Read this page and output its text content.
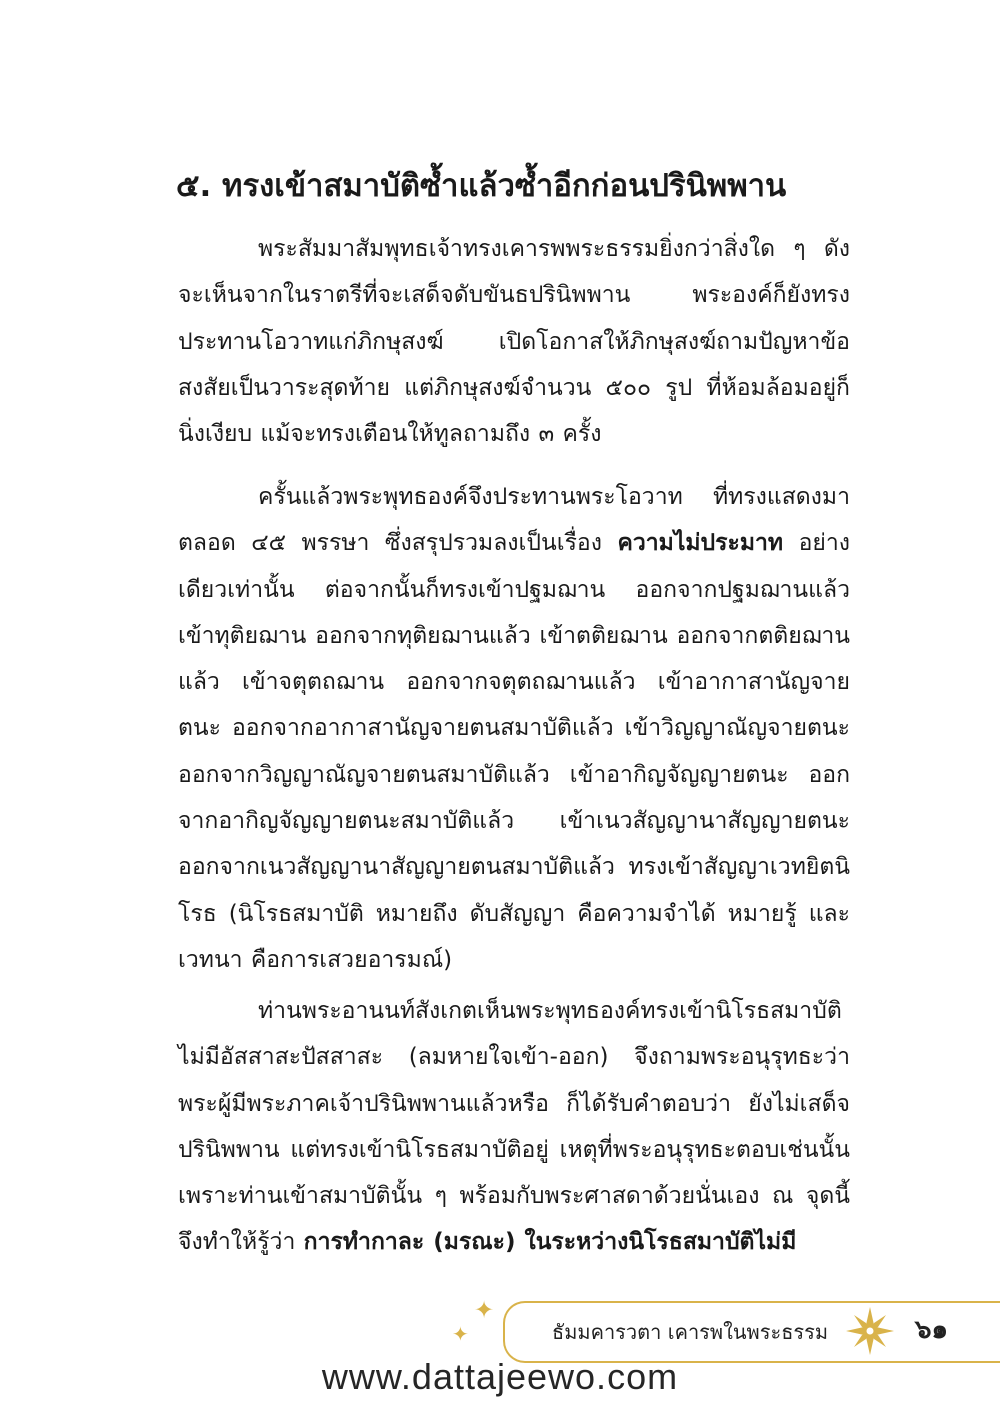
๕. ทรงเข้าสมาบัติซ้ำแล้วซ้ำอีกก่อนปรินิพพาน

พระสัมมาสัมพุทธเจ้าทรงเคารพพระธรรมยิ่งกว่าสิ่งใด ๆ ดังจะเห็นจากในราตรีที่จะเสด็จดับขันธปรินิพพาน พระองค์ก็ยังทรงประทานโอวาทแก่ภิกษุสงฆ์ เปิดโอกาสให้ภิกษุสงฆ์ถามปัญหาข้อสงสัยเป็นวาระสุดท้าย แต่ภิกษุสงฆ์จำนวน ๕๐๐ รูป ที่ห้อมล้อมอยู่ก็นิ่งเงียบ แม้จะทรงเตือนให้ทูลถามถึง ๓ ครั้ง

ครั้นแล้วพระพุทธองค์จึงประทานพระโอวาท ที่ทรงแสดงมาตลอด ๔๕ พรรษา ซึ่งสรุปรวมลงเป็นเรื่อง ความไม่ประมาท อย่างเดียวเท่านั้น ต่อจากนั้นก็ทรงเข้าปฐมฌาน ออกจากปฐมฌานแล้ว เข้าทุติยฌาน ออกจากทุติยฌานแล้ว เข้าตติยฌาน ออกจากตติยฌานแล้ว เข้าจตุตถฌาน ออกจากจตุตถฌานแล้ว เข้าอากาสานัญจายตนะ ออกจากอากาสานัญจายตนสมาบัติแล้ว เข้าวิญญาณัญจายตนะ ออกจากวิญญาณัญจายตนสมาบัติแล้ว เข้าอากิญจัญญายตนะ ออกจากอากิญจัญญายตนะสมาบัติแล้ว เข้าเนวสัญญานาสัญญายตนะ ออกจากเนวสัญญานาสัญญายตนสมาบัติแล้ว ทรงเข้าสัญญาเวทยิตนิโรธ (นิโรธสมาบัติ หมายถึง ดับสัญญา คือความจำได้ หมายรู้ และเวทนา คือการเสวยอารมณ์)

ท่านพระอานนท์สังเกตเห็นพระพุทธองค์ทรงเข้านิโรธสมาบัติ ไม่มีอัสสาสะปัสสาสะ (ลมหายใจเข้า-ออก) จึงถามพระอนุรุทธะว่า พระผู้มีพระภาคเจ้าปรินิพพานแล้วหรือ ก็ได้รับคำตอบว่า ยังไม่เสด็จปรินิพพาน แต่ทรงเข้านิโรธสมาบัติอยู่ เหตุที่พระอนุรุทธะตอบเช่นนั้นเพราะท่านเข้าสมาบัตินั้น ๆ พร้อมกับพระศาสดาด้วยนั่นเอง ณ จุดนี้ จึงทำให้รู้ว่า การทำกาละ (มรณะ) ในระหว่างนิโรธสมาบัติไม่มี

✦
✦	ธัมมคารวตา เคารพในพระธรรม	๖๑
www.dattajeewo.com
